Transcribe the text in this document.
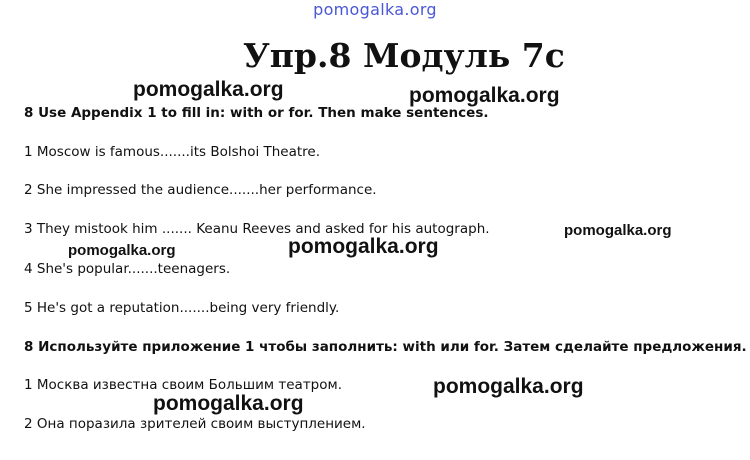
pomogalka.org
Упр.8 Модуль 7с
8 Use Appendix 1 to fill in: with or for. Then make sentences.
1 Moscow is famous.......its Bolshoi Theatre.
2 She impressed the audience.......her performance.
3 They mistook him ....... Keanu Reeves and asked for his autograph.
4 She's popular.......teenagers.
5 He's got a reputation.......being very friendly.
8 Используйте приложение 1 чтобы заполнить: with или for. Затем сделайте предложения.
1 Москва известна своим Большим театром.
2 Она поразила зрителей своим выступлением.
pomogalka.org	pomogalka.org
pomogalka.org
pomogalka.org	pomogalka.org
pomogalka.org
pomogalka.org
